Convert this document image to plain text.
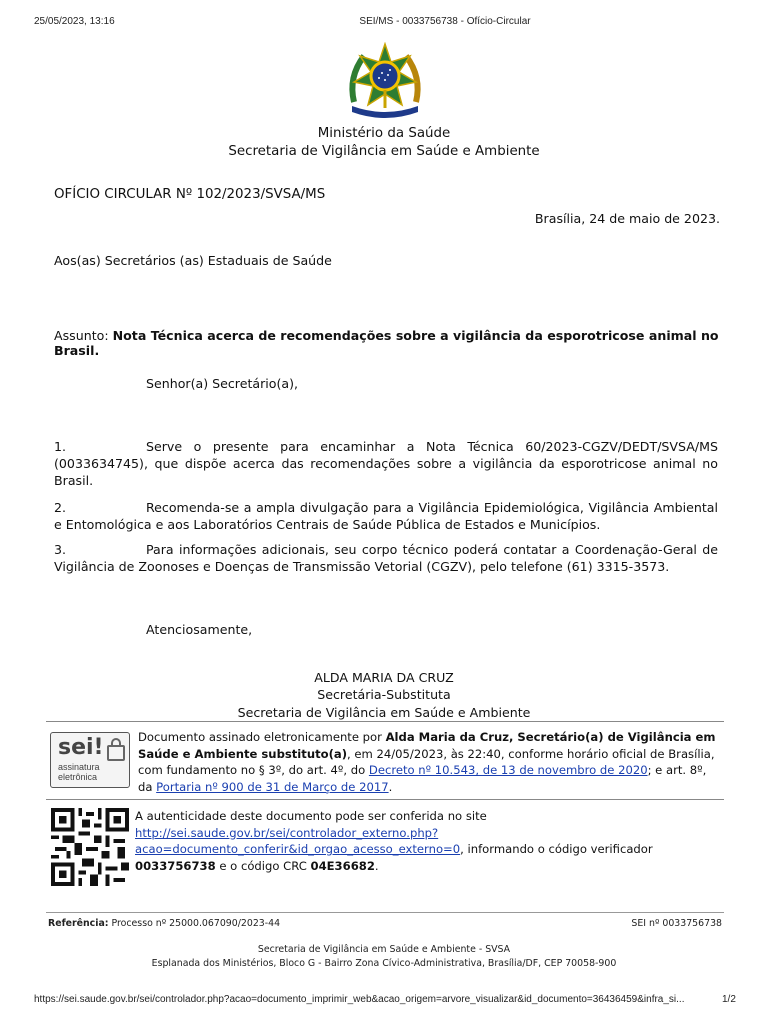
25/05/2023, 13:16	SEI/MS - 0033756738 - Ofício-Circular
Ministério da Saúde
Secretaria de Vigilância em Saúde e Ambiente
OFÍCIO CIRCULAR Nº 102/2023/SVSA/MS
Brasília, 24 de maio de 2023.
Aos(as) Secretários (as) Estaduais de Saúde
Assunto: Nota Técnica acerca de recomendações sobre a vigilância da esporotricose animal no Brasil.
Senhor(a) Secretário(a),
1.	Serve o presente para encaminhar a Nota Técnica 60/2023-CGZV/DEDT/SVSA/MS (0033634745), que dispõe acerca das recomendações sobre a vigilância da esporotricose animal no Brasil.
2.	Recomenda-se a ampla divulgação para a Vigilância Epidemiológica, Vigilância Ambiental e Entomológica e aos Laboratórios Centrais de Saúde Pública de Estados e Municípios.
3.	Para informações adicionais, seu corpo técnico poderá contatar a Coordenação-Geral de Vigilância de Zoonoses e Doenças de Transmissão Vetorial (CGZV), pelo telefone (61) 3315-3573.
Atenciosamente,
ALDA MARIA DA CRUZ
Secretária-Substituta
Secretaria de Vigilância em Saúde e Ambiente
sei!
assinatura
eletrônica
Documento assinado eletronicamente por Alda Maria da Cruz, Secretário(a) de Vigilância em Saúde e Ambiente substituto(a), em 24/05/2023, às 22:40, conforme horário oficial de Brasília, com fundamento no § 3º, do art. 4º, do Decreto nº 10.543, de 13 de novembro de 2020; e art. 8º, da Portaria nº 900 de 31 de Março de 2017.
A autenticidade deste documento pode ser conferida no site
http://sei.saude.gov.br/sei/controlador_externo.php?
acao=documento_conferir&id_orgao_acesso_externo=0, informando o código verificador
0033756738 e o código CRC 04E36682.
Referência: Processo nº 25000.067090/2023-44	SEI nº 0033756738
Secretaria de Vigilância em Saúde e Ambiente - SVSA
Esplanada dos Ministérios, Bloco G - Bairro Zona Cívico-Administrativa, Brasília/DF, CEP 70058-900
https://sei.saude.gov.br/sei/controlador.php?acao=documento_imprimir_web&acao_origem=arvore_visualizar&id_documento=36436459&infra_si...	1/2
